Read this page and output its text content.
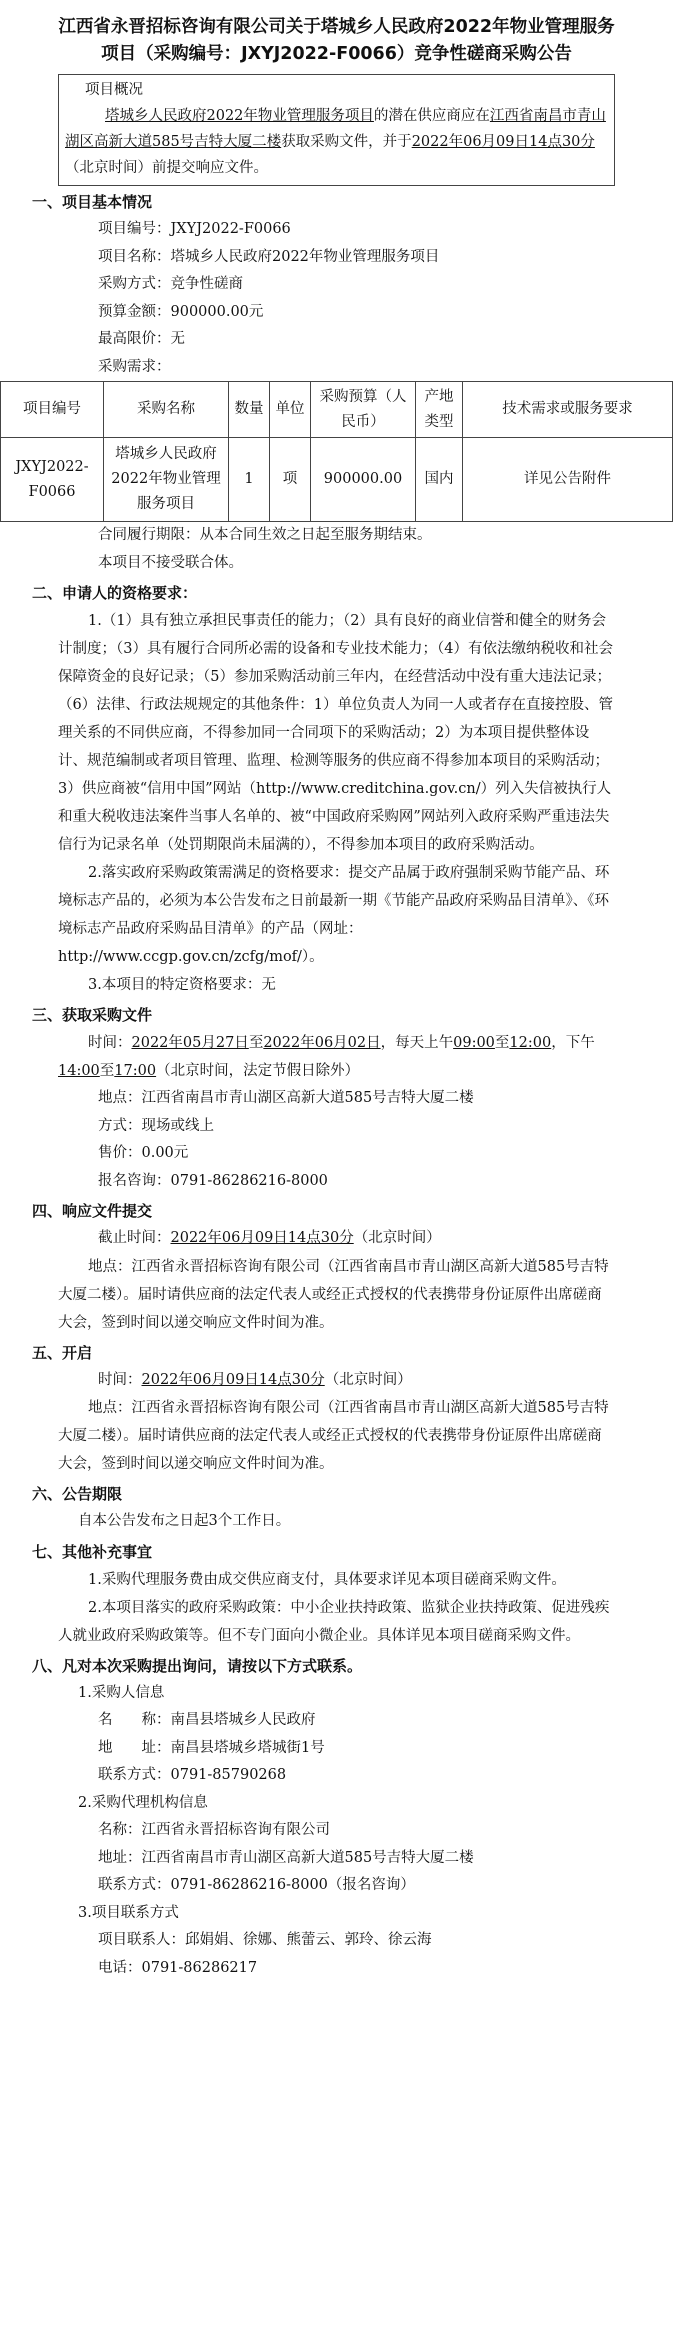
江西省永晋招标咨询有限公司关于塔城乡人民政府2022年物业管理服务项目（采购编号：JXYJ2022-F0066）竞争性磋商采购公告
项目概况
塔城乡人民政府2022年物业管理服务项目的潜在供应商应在江西省南昌市青山湖区高新大道585号吉特大厦二楼获取采购文件，并于2022年06月09日14点30分（北京时间）前提交响应文件。
一、项目基本情况
项目编号：JXYJ2022-F0066
项目名称：塔城乡人民政府2022年物业管理服务项目
采购方式：竞争性磋商
预算金额：900000.00元
最高限价：无
采购需求：
项目编号	采购名称	数量	单位	采购预算（人民币）	产地类型	技术需求或服务要求
JXYJ2022-F0066	塔城乡人民政府2022年物业管理服务项目	1	项	900000.00	国内	详见公告附件
合同履行期限：从本合同生效之日起至服务期结束。
本项目不接受联合体。
二、申请人的资格要求：
1.（1）具有独立承担民事责任的能力；（2）具有良好的商业信誉和健全的财务会计制度；（3）具有履行合同所必需的设备和专业技术能力；（4）有依法缴纳税收和社会保障资金的良好记录；（5）参加采购活动前三年内，在经营活动中没有重大违法记录； （6）法律、行政法规规定的其他条件：1）单位负责人为同一人或者存在直接控股、管理关系的不同供应商，不得参加同一合同项下的采购活动；2）为本项目提供整体设计、规范编制或者项目管理、监理、检测等服务的供应商不得参加本项目的采购活动；3）供应商被“信用中国”网站（http://www.creditchina.gov.cn/）列入失信被执行人和重大税收违法案件当事人名单的、被“中国政府采购网”网站列入政府采购严重违法失信行为记录名单（处罚期限尚未届满的），不得参加本项目的政府采购活动。
2.落实政府采购政策需满足的资格要求：提交产品属于政府强制采购节能产品、环境标志产品的，必须为本公告发布之日前最新一期《节能产品政府采购品目清单》、《环境标志产品政府采购品目清单》的产品（网址：http://www.ccgp.gov.cn/zcfg/mof/）。
3.本项目的特定资格要求：无
三、获取采购文件
时间：2022年05月27日至2022年06月02日，每天上午09:00至12:00，下午14:00至17:00（北京时间，法定节假日除外）
地点：江西省南昌市青山湖区高新大道585号吉特大厦二楼
方式：现场或线上
售价：0.00元
报名咨询：0791-86286216-8000
四、响应文件提交
截止时间：2022年06月09日14点30分（北京时间）
地点：江西省永晋招标咨询有限公司（江西省南昌市青山湖区高新大道585号吉特大厦二楼）。届时请供应商的法定代表人或经正式授权的代表携带身份证原件出席磋商大会，签到时间以递交响应文件时间为准。
五、开启
时间：2022年06月09日14点30分（北京时间）
地点：江西省永晋招标咨询有限公司（江西省南昌市青山湖区高新大道585号吉特大厦二楼）。届时请供应商的法定代表人或经正式授权的代表携带身份证原件出席磋商大会，签到时间以递交响应文件时间为准。
六、公告期限
自本公告发布之日起3个工作日。
七、其他补充事宜
1.采购代理服务费由成交供应商支付，具体要求详见本项目磋商采购文件。
2.本项目落实的政府采购政策：中小企业扶持政策、监狱企业扶持政策、促进残疾人就业政府采购政策等。但不专门面向小微企业。具体详见本项目磋商采购文件。
八、凡对本次采购提出询问，请按以下方式联系。
1.采购人信息
名　　称：南昌县塔城乡人民政府
地　　址：南昌县塔城乡塔城街1号
联系方式：0791-85790268
2.采购代理机构信息
名称：江西省永晋招标咨询有限公司
地址：江西省南昌市青山湖区高新大道585号吉特大厦二楼
联系方式：0791-86286216-8000（报名咨询）
3.项目联系方式
项目联系人：邱娟娟、徐娜、熊蕾云、郭玲、徐云海
电话：0791-86286217
